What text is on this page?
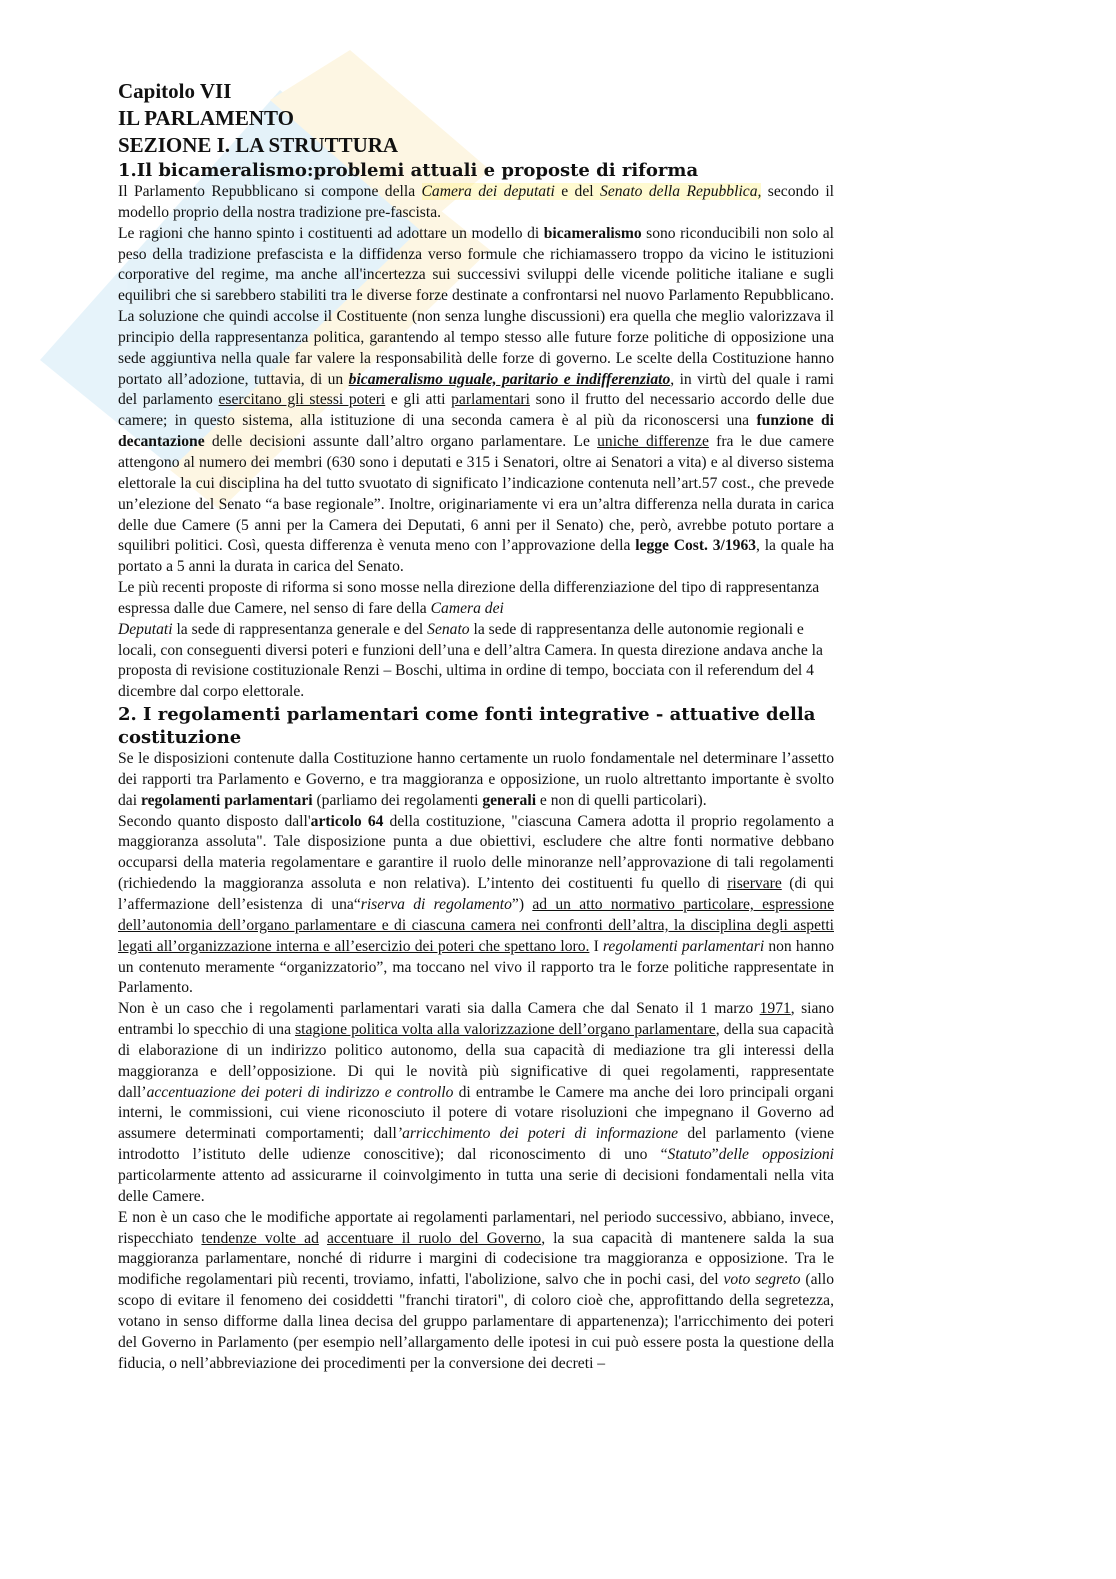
Capitolo VII
IL PARLAMENTO
SEZIONE I. LA STRUTTURA
1.Il bicameralismo:problemi attuali e proposte di riforma

Il Parlamento Repubblicano si compone della Camera dei deputati e del Senato della Repubblica, secondo il modello proprio della nostra tradizione pre-fascista.

Le ragioni che hanno spinto i costituenti ad adottare un modello di bicameralismo sono riconducibili non solo al peso della tradizione prefascista e la diffidenza verso formule che richiamassero troppo da vicino le istituzioni corporative del regime, ma anche all'incertezza sui successivi sviluppi delle vicende politiche italiane e sugli equilibri che si sarebbero stabiliti tra le diverse forze destinate a confrontarsi nel nuovo Parlamento Repubblicano. La soluzione che quindi accolse il Costituente (non senza lunghe discussioni) era quella che meglio valorizzava il principio della rappresentanza politica, garantendo al tempo stesso alle future forze politiche di opposizione una sede aggiuntiva nella quale far valere la responsabilità delle forze di governo. Le scelte della Costituzione hanno portato all’adozione, tuttavia, di un bicameralismo uguale, paritario e indifferenziato, in virtù del quale i rami del parlamento esercitano gli stessi poteri e gli atti parlamentari sono il frutto del necessario accordo delle due camere; in questo sistema, alla istituzione di una seconda camera è al più da riconoscersi una funzione di decantazione delle decisioni assunte dall’altro organo parlamentare. Le uniche differenze fra le due camere attengono al numero dei membri (630 sono i deputati e 315 i Senatori, oltre ai Senatori a vita) e al diverso sistema elettorale la cui disciplina ha del tutto svuotato di significato l’indicazione contenuta nell’art.57 cost., che prevede un’elezione del Senato “a base regionale”. Inoltre, originariamente vi era un’altra differenza nella durata in carica delle due Camere (5 anni per la Camera dei Deputati, 6 anni per il Senato) che, però, avrebbe potuto portare a squilibri politici. Così, questa differenza è venuta meno con l’approvazione della legge Cost. 3/1963, la quale ha portato a 5 anni la durata in carica del Senato.

Le più recenti proposte di riforma si sono mosse nella direzione della differenziazione del tipo di rappresentanza espressa dalle due Camere, nel senso di fare della Camera dei
Deputati la sede di rappresentanza generale e del Senato la sede di rappresentanza delle autonomie regionali e locali, con conseguenti diversi poteri e funzioni dell’una e dell’altra Camera. In questa direzione andava anche la proposta di revisione costituzionale Renzi – Boschi, ultima in ordine di tempo, bocciata con il referendum del 4 dicembre dal corpo elettorale.

2. I regolamenti parlamentari come fonti integrative - attuative della costituzione

Se le disposizioni contenute dalla Costituzione hanno certamente un ruolo fondamentale nel determinare l’assetto dei rapporti tra Parlamento e Governo, e tra maggioranza e opposizione, un ruolo altrettanto importante è svolto dai regolamenti parlamentari (parliamo dei regolamenti generali e non di quelli particolari).

Secondo quanto disposto dall'articolo 64 della costituzione, "ciascuna Camera adotta il proprio regolamento a maggioranza assoluta". Tale disposizione punta a due obiettivi, escludere che altre fonti normative debbano occuparsi della materia regolamentare e garantire il ruolo delle minoranze nell’approvazione di tali regolamenti (richiedendo la maggioranza assoluta e non relativa). L’intento dei costituenti fu quello di riservare (di qui l’affermazione dell’esistenza di una“riserva di regolamento”) ad un atto normativo particolare, espressione dell’autonomia dell’organo parlamentare e di ciascuna camera nei confronti dell’altra, la disciplina degli aspetti legati all’organizzazione interna e all’esercizio dei poteri che spettano loro. I regolamenti parlamentari non hanno un contenuto meramente “organizzatorio”, ma toccano nel vivo il rapporto tra le forze politiche rappresentate in Parlamento.

Non è un caso che i regolamenti parlamentari varati sia dalla Camera che dal Senato il 1 marzo 1971, siano entrambi lo specchio di una stagione politica volta alla valorizzazione dell’organo parlamentare, della sua capacità di elaborazione di un indirizzo politico autonomo, della sua capacità di mediazione tra gli interessi della maggioranza e dell’opposizione. Di qui le novità più significative di quei regolamenti, rappresentate dall’accentuazione dei poteri di indirizzo e controllo di entrambe le Camere ma anche dei loro principali organi interni, le commissioni, cui viene riconosciuto il potere di votare risoluzioni che impegnano il Governo ad assumere determinati comportamenti; dall’arricchimento dei poteri di informazione del parlamento (viene introdotto l’istituto delle udienze conoscitive); dal riconoscimento di uno “Statuto”delle opposizioni particolarmente attento ad assicurarne il coinvolgimento in tutta una serie di decisioni fondamentali nella vita delle Camere.

E non è un caso che le modifiche apportate ai regolamenti parlamentari, nel periodo successivo, abbiano, invece, rispecchiato tendenze volte ad accentuare il ruolo del Governo, la sua capacità di mantenere salda la sua maggioranza parlamentare, nonché di ridurre i margini di codecisione tra maggioranza e opposizione. Tra le modifiche regolamentari più recenti, troviamo, infatti, l'abolizione, salvo che in pochi casi, del voto segreto (allo scopo di evitare il fenomeno dei cosiddetti "franchi tiratori", di coloro cioè che, approfittando della segretezza, votano in senso difforme dalla linea decisa del gruppo parlamentare di appartenenza); l'arricchimento dei poteri del Governo in Parlamento (per esempio nell’allargamento delle ipotesi in cui può essere posta la questione della fiducia, o nell’abbreviazione dei procedimenti per la conversione dei decreti –
